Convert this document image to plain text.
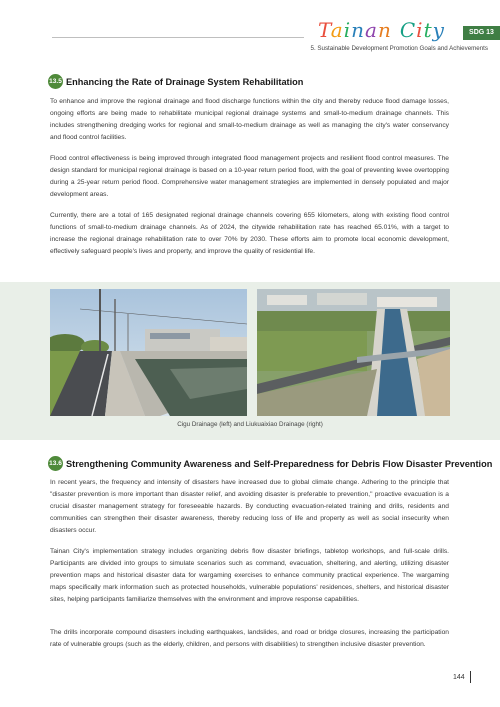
Tainan City	SDG 13
5. Sustainable Development Promotion Goals and Achievements
13.5 Enhancing the Rate of Drainage System Rehabilitation

To enhance and improve the regional drainage and flood discharge functions within the city and thereby reduce flood damage losses, ongoing efforts are being made to rehabilitate municipal regional drainage systems and small-to-medium drainage channels. This includes strengthening dredging works for regional and small-to-medium drainage as well as managing the city's water conservancy and flood control facilities.

Flood control effectiveness is being improved through integrated flood management projects and resilient flood control measures. The design standard for municipal regional drainage is based on a 10-year return period flood, with the goal of preventing levee overtopping during a 25-year return period flood. Comprehensive water management strategies are implemented in densely populated and major development areas.

Currently, there are a total of 165 designated regional drainage channels covering 655 kilometers, along with existing flood control functions of small-to-medium drainage channels. As of 2024, the citywide rehabilitation rate has reached 65.01%, with a target to increase the regional drainage rehabilitation rate to over 70% by 2030. These efforts aim to promote local economic development, effectively safeguard people's lives and property, and improve the quality of residential life.

Cigu Drainage (left) and Liukuaixiao Drainage (right)
13.6 Strengthening Community Awareness and Self-Preparedness for Debris Flow Disaster Prevention

In recent years, the frequency and intensity of disasters have increased due to global climate change. Adhering to the principle that "disaster prevention is more important than disaster relief, and avoiding disaster is preferable to prevention," proactive evacuation is a crucial disaster management strategy for foreseeable hazards. By conducting evacuation-related training and drills, residents and communities can strengthen their disaster awareness, thereby reducing loss of life and property as well as social insecurity when disasters occur.

Tainan City's implementation strategy includes organizing debris flow disaster briefings, tabletop workshops, and full-scale drills. Participants are divided into groups to simulate scenarios such as command, evacuation, sheltering, and alerting, utilizing disaster prevention maps and historical disaster data for wargaming exercises to enhance community practical experience. The wargaming maps specifically mark information such as protected households, vulnerable populations' residences, shelters, and historical disaster sites, helping participants familiarize themselves with the environment and improve response capabilities.

The drills incorporate compound disasters including earthquakes, landslides, and road or bridge closures, increasing the participation rate of vulnerable groups (such as the elderly, children, and persons with disabilities) to strengthen inclusive disaster prevention.

144
